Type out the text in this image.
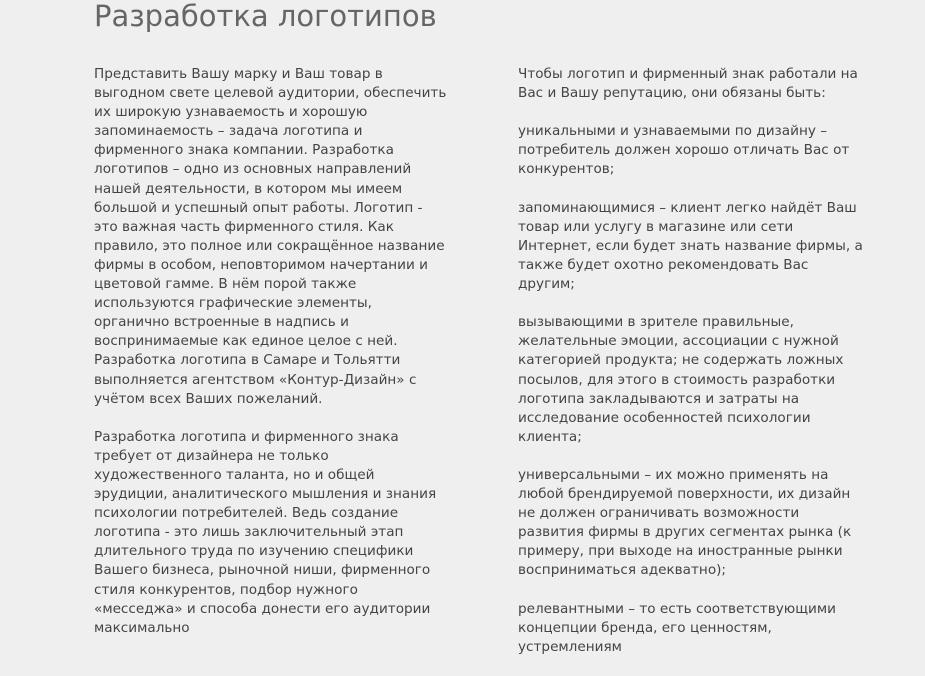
Разработка логотипов

Представить Вашу марку и Ваш товар в выгодном свете целевой аудитории, обеспечить их широкую узнаваемость и хорошую запоминаемость – задача логотипа и фирменного знака компании. Разработка логотипов – одно из основных направлений нашей деятельности, в котором мы имеем большой и успешный опыт работы. Логотип - это важная часть фирменного стиля. Как правило, это полное или сокращённое название фирмы в особом, неповторимом начертании и цветовой гамме. В нём порой также используются графические элементы, органично встроенные в надпись и воспринимаемые как единое целое с ней. Разработка логотипа в Самаре и Тольятти выполняется агентством «Контур-Дизайн» с учётом всех Ваших пожеланий.

Разработка логотипа и фирменного знака требует от дизайнера не только художественного таланта, но и общей эрудиции, аналитического мышления и знания психологии потребителей. Ведь создание логотипа - это лишь заключительный этап длительного труда по изучению специфики Вашего бизнеса, рыночной ниши, фирменного стиля конкурентов, подбор нужного «месседжа» и способа донести его аудитории максимально

Чтобы логотип и фирменный знак работали на Вас и Вашу репутацию, они обязаны быть:

уникальными и узнаваемыми по дизайну – потребитель должен хорошо отличать Вас от конкурентов;

запоминающимися – клиент легко найдёт Ваш товар или услугу в магазине или сети Интернет, если будет знать название фирмы, а также будет охотно рекомендовать Вас другим;

вызывающими в зрителе правильные, желательные эмоции, ассоциации с нужной категорией продукта; не содержать ложных посылов, для этого в стоимость разработки логотипа закладываются и затраты на исследование особенностей психологии клиента;

универсальными – их можно применять на любой брендируемой поверхности, их дизайн не должен ограничивать возможности развития фирмы в других сегментах рынка (к примеру, при выходе на иностранные рынки восприниматься адекватно);

релевантными – то есть соответствующими концепции бренда, его ценностям, устремлениям
